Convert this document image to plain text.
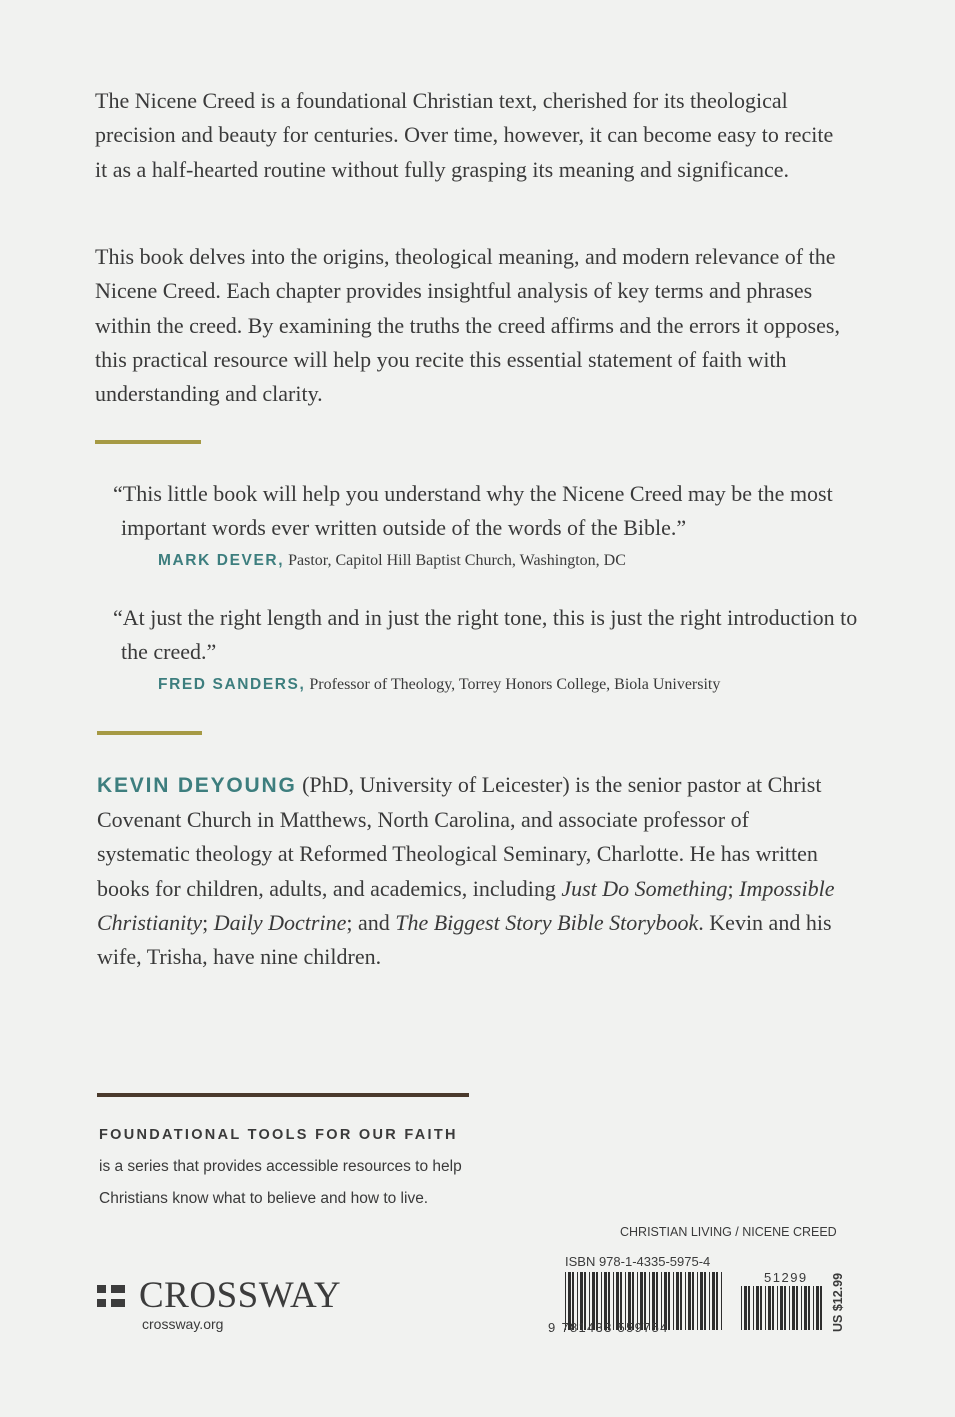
The Nicene Creed is a foundational Christian text, cherished for its theological precision and beauty for centuries. Over time, however, it can become easy to recite it as a half-hearted routine without fully grasping its meaning and significance.

This book delves into the origins, theological meaning, and modern relevance of the Nicene Creed. Each chapter provides insightful analysis of key terms and phrases within the creed. By examining the truths the creed affirms and the errors it opposes, this practical resource will help you recite this essential statement of faith with understanding and clarity.

“This little book will help you understand why the Nicene Creed may be the most important words ever written outside of the words of the Bible.”

MARK DEVER, Pastor, Capitol Hill Baptist Church, Washington, DC

“At just the right length and in just the right tone, this is just the right introduction to the creed.”

FRED SANDERS, Professor of Theology, Torrey Honors College, Biola University

KEVIN DEYOUNG (PhD, University of Leicester) is the senior pastor at Christ Covenant Church in Matthews, North Carolina, and associate professor of systematic theology at Reformed Theological Seminary, Charlotte. He has written books for children, adults, and academics, including Just Do Something; Impossible Christianity; Daily Doctrine; and The Biggest Story Bible Storybook. Kevin and his wife, Trisha, have nine children.

FOUNDATIONAL TOOLS FOR OUR FAITH
is a series that provides accessible resources to help
Christians know what to believe and how to live.
CHRISTIAN LIVING / NICENE CREED
CROSSWAY
crossway.org
ISBN 978-1-4335-5975-4
51299
9 781433 559754	US $12.99
